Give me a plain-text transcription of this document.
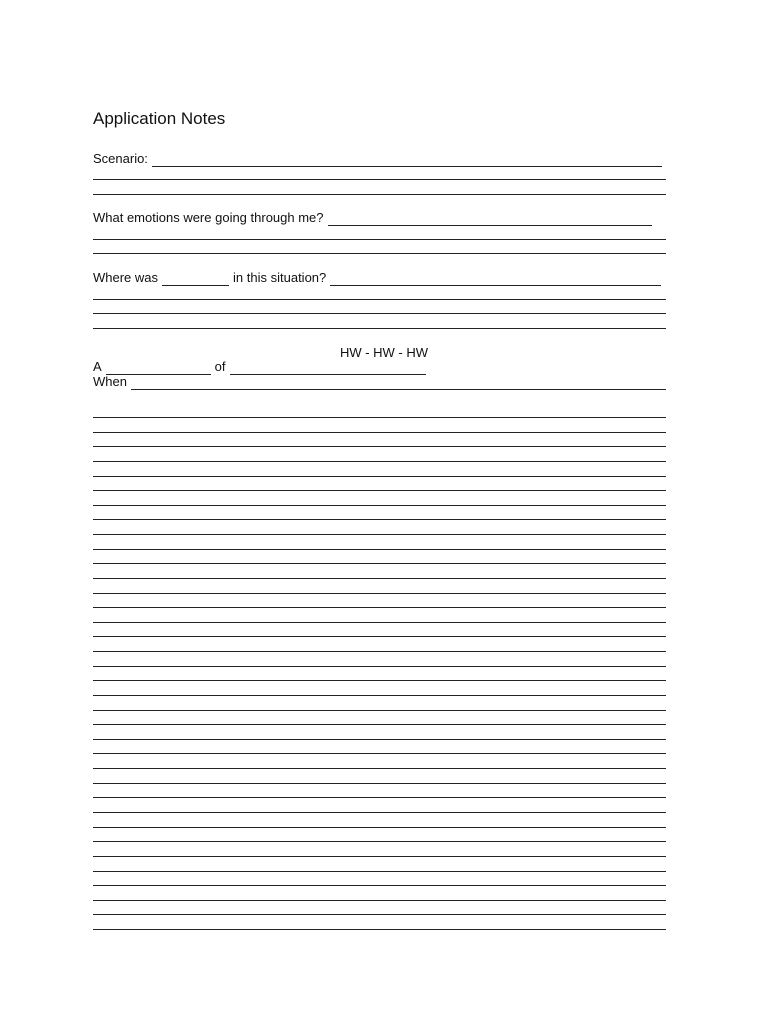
Application Notes
Scenario:
What emotions were going through me?
Where was	in this situation?
HW - HW - HW
A	of
When
